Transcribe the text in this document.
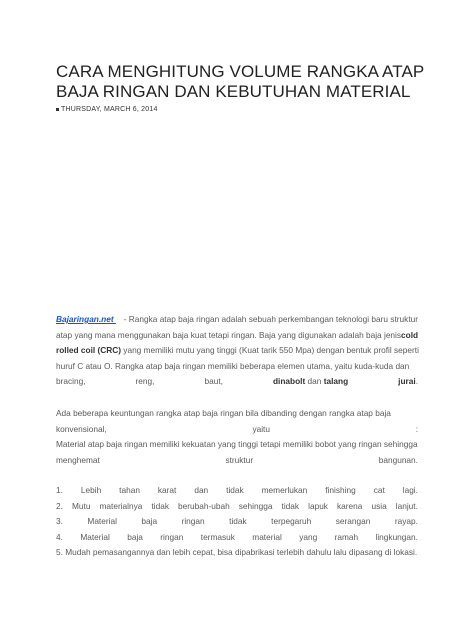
CARA MENGHITUNG VOLUME RANGKA ATAP
BAJA RINGAN DAN KEBUTUHAN MATERIAL
THURSDAY, MARCH 6, 2014
Bajaringan.net - Rangka atap baja ringan adalah sebuah perkembangan teknologi baru struktur
atap yang mana menggunakan baja kuat tetapi ringan. Baja yang digunakan adalah baja jenis cold
rolled coil (CRC) yang memiliki mutu yang tinggi (Kuat tarik 550 Mpa) dengan bentuk profil seperti
huruf C atau O. Rangka atap baja ringan memiliki beberapa elemen utama, yaitu kuda-kuda dan
bracing,	reng,	baut,	dinabolt dan talang	jurai.
Ada beberapa keuntungan rangka atap baja ringan bila dibanding dengan rangka atap baja
konvensional,	yaitu	:
Material atap baja ringan memiliki kekuatan yang tinggi tetapi memiliki bobot yang ringan sehingga
menghemat	struktur	bangunan.
1. Lebih tahan karat dan tidak memerlukan finishing cat lagi.
2. Mutu materialnya tidak berubah-ubah sehingga tidak lapuk karena usia lanjut.
3.	Material	baja	ringan	tidak	terpegaruh	serangan	rayap.
4. Material baja ringan termasuk material yang ramah lingkungan.
5. Mudah pemasangannya dan lebih cepat, bisa dipabrikasi terlebih dahulu lalu dipasang di lokasi.
